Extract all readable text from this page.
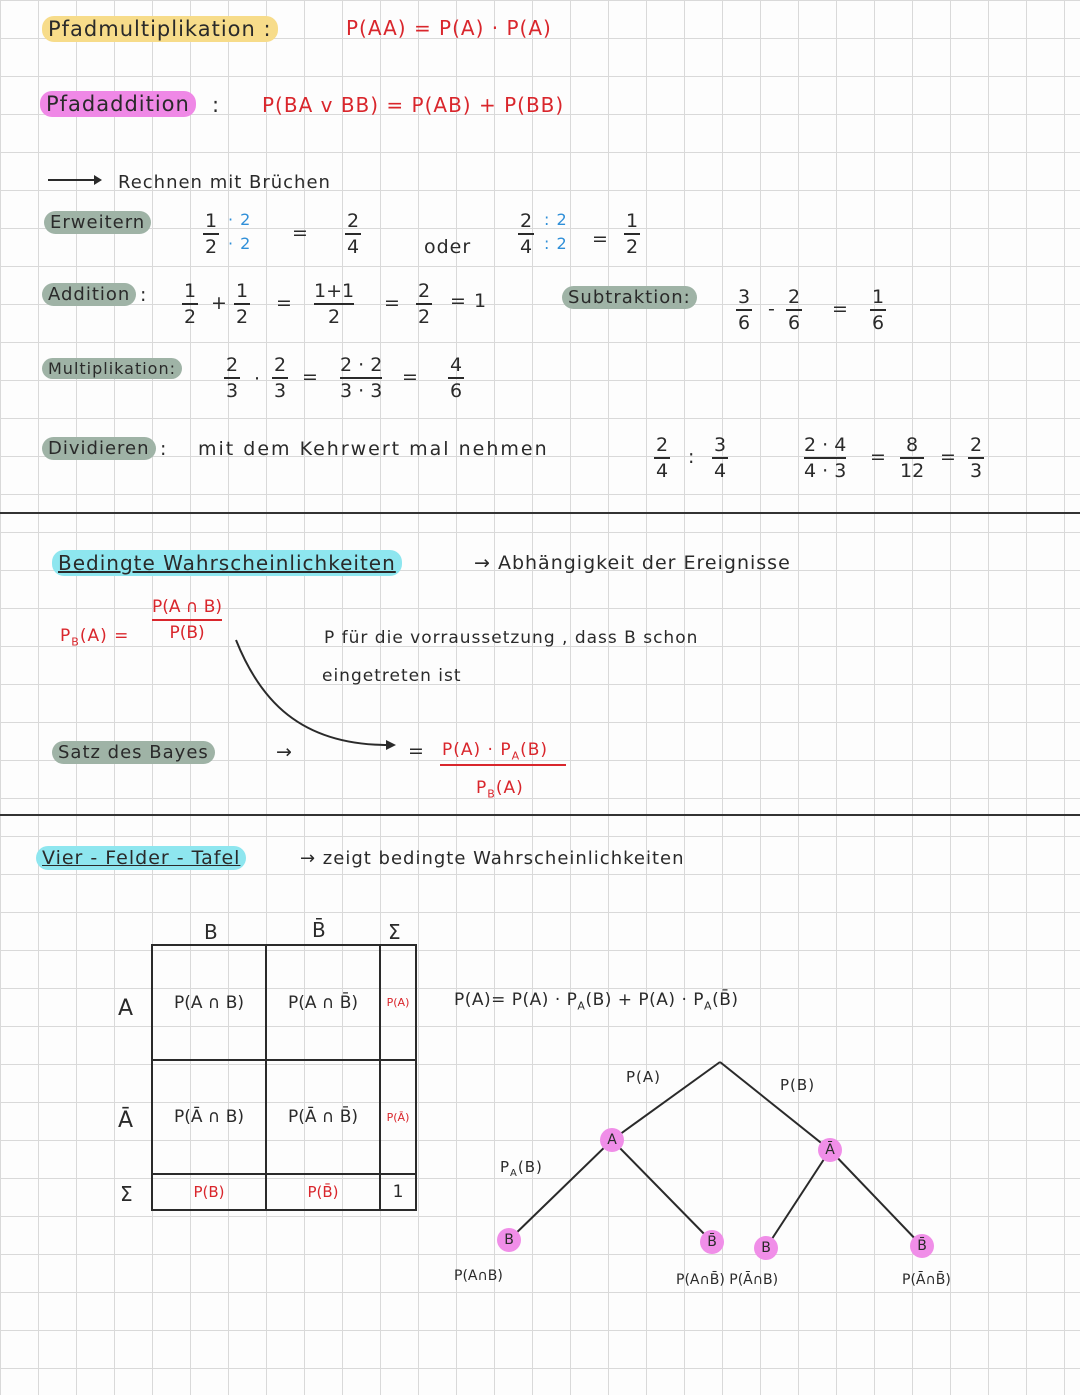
Pfadmultiplikation :	P(AA) = P(A) · P(A)
Pfadaddition : P(BA v BB) = P(AB) + P(BB)
Rechnen mit Brüchen
Erweitern	1
2
· 2
· 2 =
2
4	oder
2
4
: 2
: 2 =
1
2
Addition : 1
2
+
1
2
=
1+1
2
=
2
2
= 1	Subtraktion:	3
6
-
2
6
=
1
6
Multiplikation:	2
3
·
2
3
=
2 · 2
3 · 3
=
4
6
Dividieren : mit dem Kehrwert mal nehmen	2
4
:
3
4
2 · 4
4 · 3
=
8
12
=
2
3
Bedingte Wahrscheinlichkeiten	→ Abhängigkeit der Ereignisse
$P_B(A)$ =
P(A ∩ B)
P(B)	P für die vorraussetzung , dass B schon
eingetreten ist
Satz des Bayes	→	= $P(A) \cdot P_A(B)$
$P_B(A)$
Vier - Felder - Tafel	→ zeigt bedingte Wahrscheinlichkeiten
B	B̄	Σ
A
Ā
Σ
P(A ∩ B)	P(A ∩ B̄)	P(A)
P(Ā ∩ B)	P(Ā ∩ B̄)	P(Ā)
P(B)	P(B̄)	1
$P(A)= P(A) \cdot P_A(B) + P(A)$ · $P_A(B̄)$
P(A)	P(B)
$P_A(B)$
A
Ā
B	B̄	B	B̄
P(A∩B)	P(A∩B̄) P(Ā∩B)	P(Ā∩B̄)
